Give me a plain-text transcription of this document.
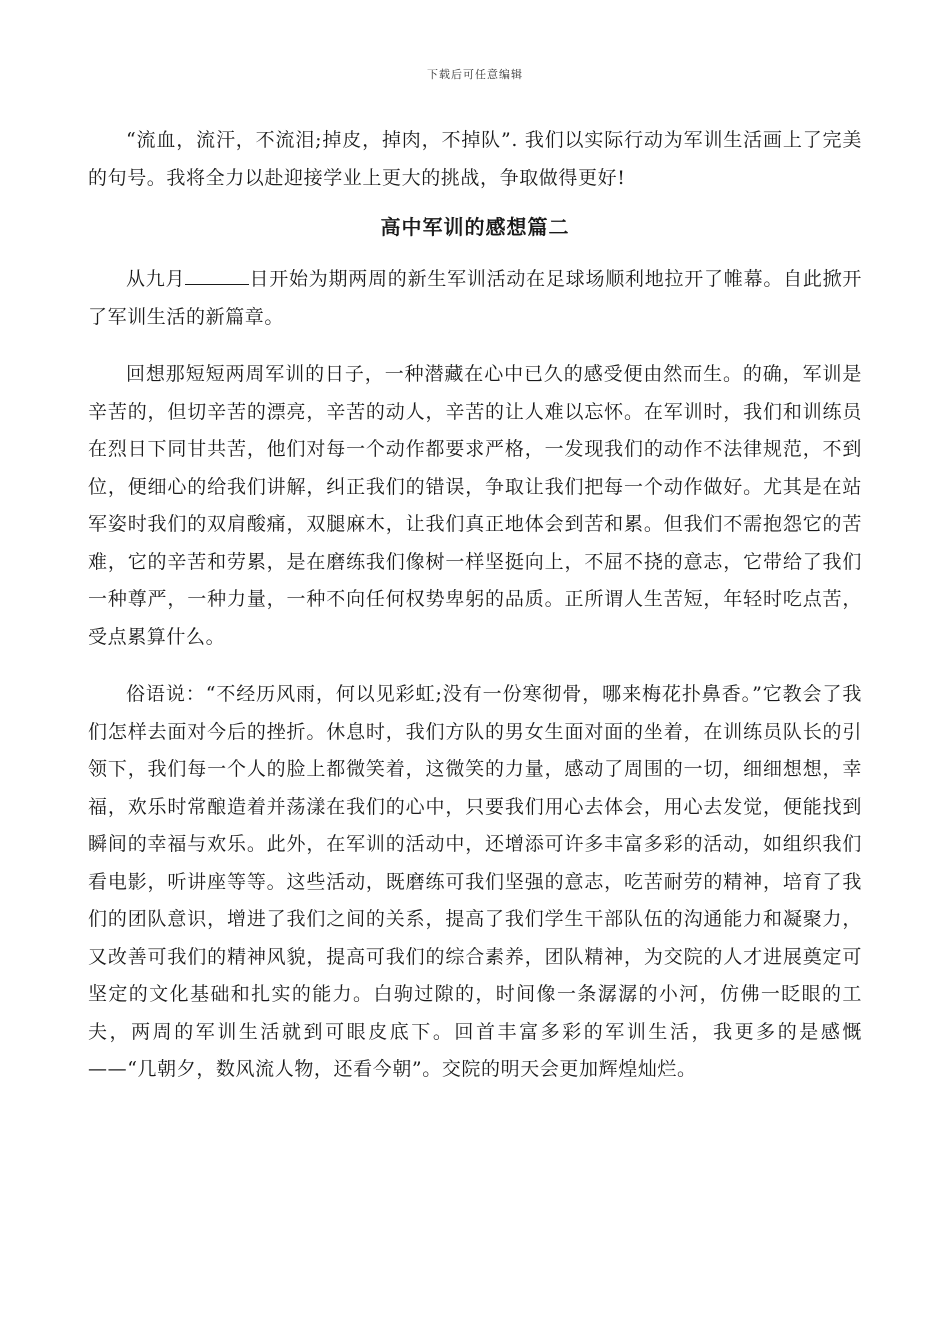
下载后可任意编辑

“流血，流汗，不流泪;掉皮，掉肉，不掉队”. 我们以实际行动为军训生活画上了完美的句号。我将全力以赴迎接学业上更大的挑战，争取做得更好!

高中军训的感想篇二

从九月	日开始为期两周的新生军训活动在足球场顺利地拉开了帷幕。自此掀开了军训生活的新篇章。

回想那短短两周军训的日子，一种潜藏在心中已久的感受便由然而生。的确，军训是辛苦的，但切辛苦的漂亮，辛苦的动人，辛苦的让人难以忘怀。在军训时，我们和训练员在烈日下同甘共苦，他们对每一个动作都要求严格，一发现我们的动作不法律规范，不到位，便细心的给我们讲解，纠正我们的错误，争取让我们把每一个动作做好。尤其是在站军姿时我们的双肩酸痛，双腿麻木，让我们真正地体会到苦和累。但我们不需抱怨它的苦难，它的辛苦和劳累，是在磨练我们像树一样坚挺向上，不屈不挠的意志，它带给了我们一种尊严，一种力量，一种不向任何权势卑躬的品质。正所谓人生苦短，年轻时吃点苦，受点累算什么。

俗语说：“不经历风雨，何以见彩虹;没有一份寒彻骨，哪来梅花扑鼻香。”它教会了我们怎样去面对今后的挫折。休息时，我们方队的男女生面对面的坐着，在训练员队长的引领下，我们每一个人的脸上都微笑着，这微笑的力量，感动了周围的一切，细细想想，幸福，欢乐时常酿造着并荡漾在我们的心中，只要我们用心去体会，用心去发觉，便能找到瞬间的幸福与欢乐。此外，在军训的活动中，还增添可许多丰富多彩的活动，如组织我们看电影，听讲座等等。这些活动，既磨练可我们坚强的意志，吃苦耐劳的精神，培育了我们的团队意识，增进了我们之间的关系，提高了我们学生干部队伍的沟通能力和凝聚力，又改善可我们的精神风貌，提高可我们的综合素养，团队精神，为交院的人才进展奠定可坚定的文化基础和扎实的能力。白驹过隙的，时间像一条潺潺的小河，仿佛一眨眼的工夫，两周的军训生活就到可眼皮底下。回首丰富多彩的军训生活，我更多的是感慨——“几朝夕，数风流人物，还看今朝”。交院的明天会更加辉煌灿烂。
